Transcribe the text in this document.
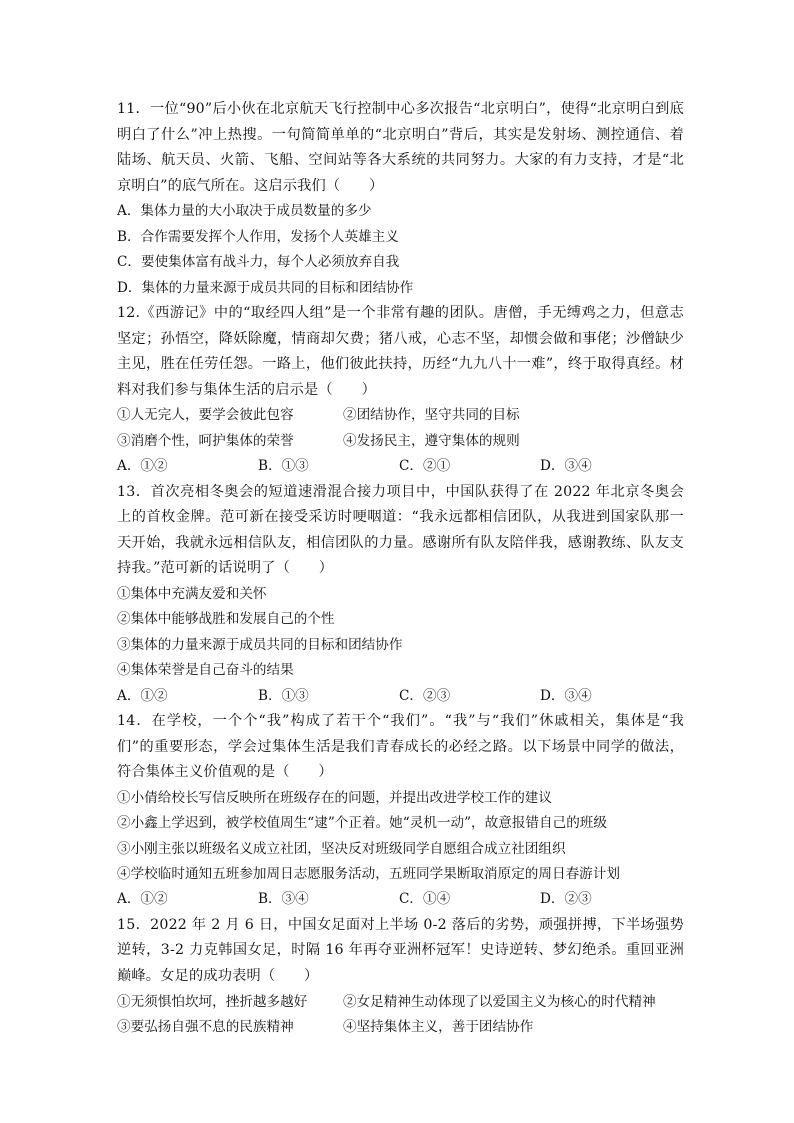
11．一位“90”后小伙在北京航天飞行控制中心多次报告“北京明白”，使得“北京明白到底明白了什么”冲上热搜。一句简简单单的“北京明白”背后，其实是发射场、测控通信、着陆场、航天员、火箭、飞船、空间站等各大系统的共同努力。大家的有力支持，才是“北京明白”的底气所在。这启示我们（　　）

A．集体力量的大小取决于成员数量的多少

B．合作需要发挥个人作用，发扬个人英雄主义

C．要使集体富有战斗力，每个人必须放弃自我

D．集体的力量来源于成员共同的目标和团结协作

12.《西游记》中的“取经四人组”是一个非常有趣的团队。唐僧，手无缚鸡之力，但意志坚定；孙悟空，降妖除魔，情商却欠费；猪八戒，心志不坚，却惯会做和事佬；沙僧缺少主见，胜在任劳任怨。一路上，他们彼此扶持，历经“九九八十一难”，终于取得真经。材料对我们参与集体生活的启示是（　　）

①人无完人，要学会彼此包容	②团结协作，坚守共同的目标
③消磨个性，呵护集体的荣誉	④发扬民主，遵守集体的规则
A．①②	B．①③	C．②①	D．③④

13．首次亮相冬奥会的短道速滑混合接力项目中，中国队获得了在 2022 年北京冬奥会上的首枚金牌。范可新在接受采访时哽咽道：“我永远都相信团队，从我进到国家队那一天开始，我就永远相信队友，相信团队的力量。感谢所有队友陪伴我，感谢教练、队友支持我。”范可新的话说明了（　　）

①集体中充满友爱和关怀

②集体中能够战胜和发展自己的个性

③集体的力量来源于成员共同的目标和团结协作

④集体荣誉是自己奋斗的结果

A．①②	B．①③	C．②③	D．③④

14．在学校，一个个“我”构成了若干个“我们”。“我”与“我们”休戚相关，集体是“我们”的重要形态，学会过集体生活是我们青春成长的必经之路。以下场景中同学的做法，符合集体主义价值观的是（　　）

①小倩给校长写信反映所在班级存在的问题，并提出改进学校工作的建议

②小鑫上学迟到，被学校值周生“逮”个正着。她“灵机一动”，故意报错自己的班级

③小刚主张以班级名义成立社团，坚决反对班级同学自愿组合成立社团组织

④学校临时通知五班参加周日志愿服务活动，五班同学果断取消原定的周日春游计划

A．①②	B．③④	C．①④	D．②③

15．2022 年 2 月 6 日，中国女足面对上半场 0-2 落后的劣势，顽强拼搏，下半场强势逆转，3-2 力克韩国女足，时隔 16 年再夺亚洲杯冠军！史诗逆转、梦幻绝杀。重回亚洲巅峰。女足的成功表明（　　）

①无须惧怕坎坷，挫折越多越好	②女足精神生动体现了以爱国主义为核心的时代精神
③要弘扬自强不息的民族精神	④坚持集体主义，善于团结协作
